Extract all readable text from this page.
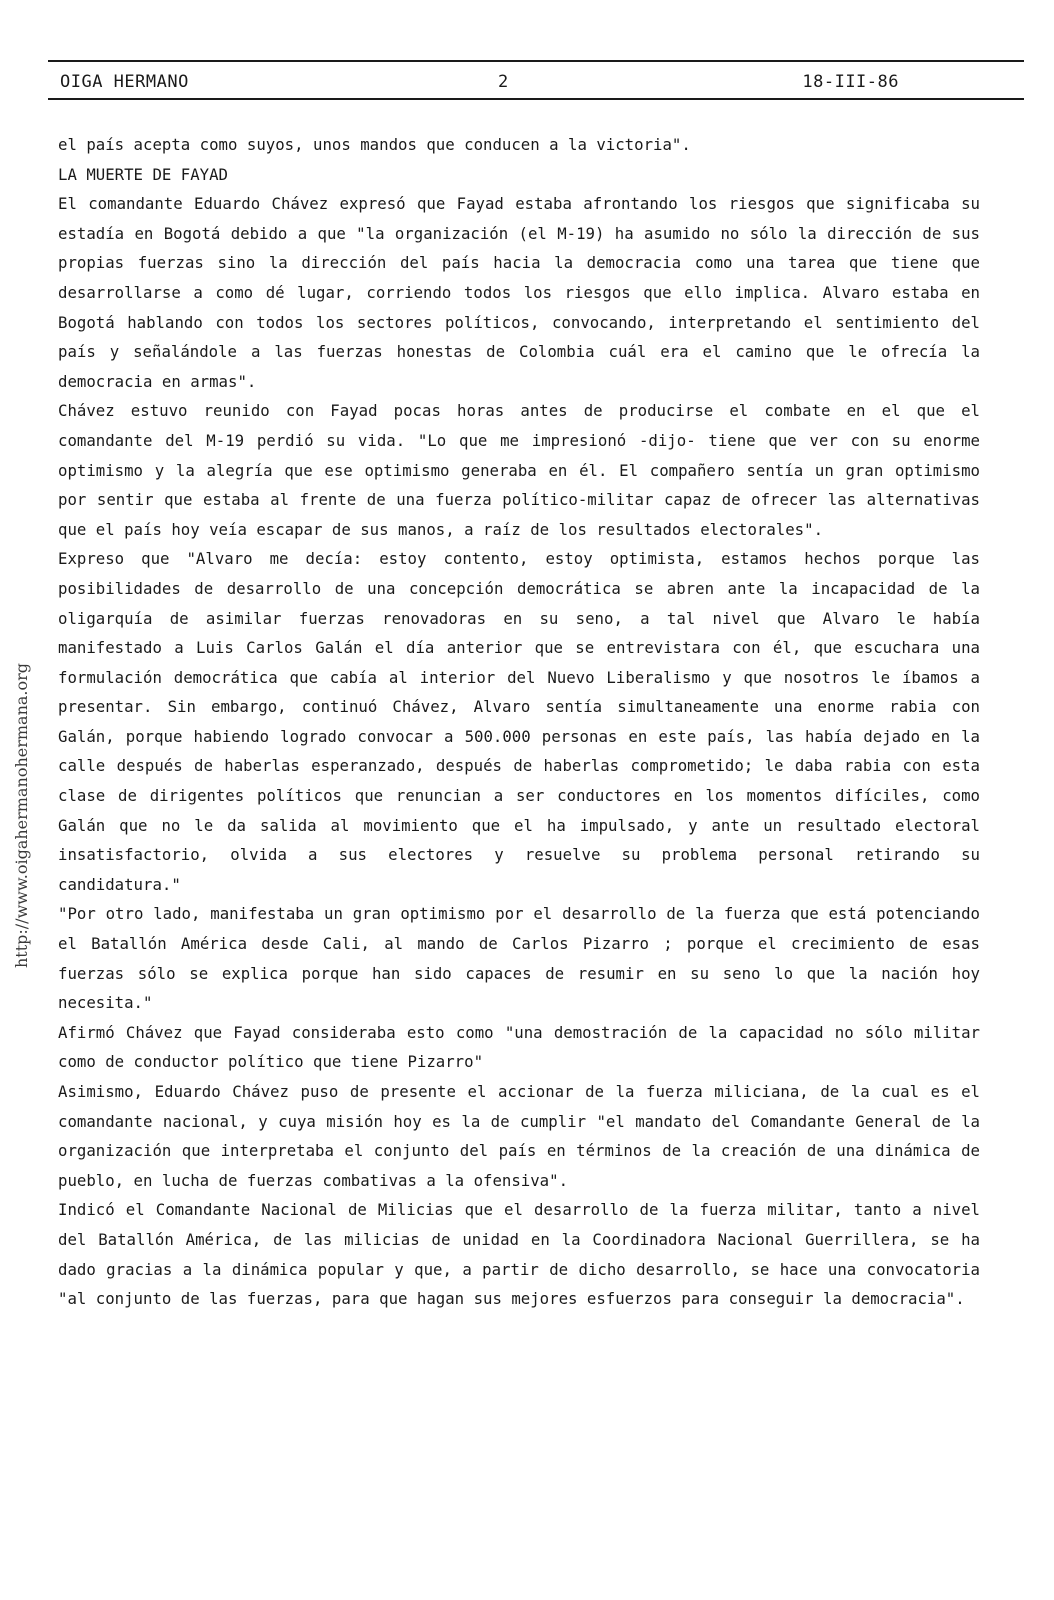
OIGA HERMANO	2	18-III-86
http://www.oigahermanohermana.org

el país acepta como suyos, unos mandos que conducen a la victoria".

LA MUERTE DE FAYAD

El comandante Eduardo Chávez expresó que Fayad estaba afrontando los riesgos que significaba su estadía en Bogotá debido a que "la organización (el M-19) ha asumido no sólo la dirección de sus propias fuerzas sino la dirección del país hacia la democracia como una tarea que tiene que desarrollarse a como dé lugar, corriendo todos los riesgos que ello implica. Alvaro estaba en Bogotá hablando con todos los sectores políticos, convocando, interpretando el sentimiento del país y señalándole a las fuerzas honestas de Colombia cuál era el camino que le ofrecía la democracia en armas".

Chávez estuvo reunido con Fayad pocas horas antes de producirse el combate en el que el comandante del M-19 perdió su vida. "Lo que me impresionó -dijo- tiene que ver con su enorme optimismo y la alegría que ese optimismo generaba en él. El compañero sentía un gran optimismo por sentir que estaba al frente de una fuerza político-militar capaz de ofrecer las alternativas que el país hoy veía escapar de sus manos, a raíz de los resultados electorales".

Expreso que "Alvaro me decía: estoy contento, estoy optimista, estamos hechos porque las posibilidades de desarrollo de una concepción democrática se abren ante la incapacidad de la oligarquía de asimilar fuerzas renovadoras en su seno, a tal nivel que Alvaro le había manifestado a Luis Carlos Galán el día anterior que se entrevistara con él, que escuchara una formulación democrática que cabía al interior del Nuevo Liberalismo y que nosotros le íbamos a presentar. Sin embargo, continuó Chávez, Alvaro sentía simultaneamente una enorme rabia con Galán, porque habiendo logrado convocar a 500.000 personas en este país, las había dejado en la calle después de haberlas esperanzado, después de haberlas comprometido; le daba rabia con esta clase de dirigentes políticos que renuncian a ser conductores en los momentos difíciles, como Galán que no le da salida al movimiento que el ha impulsado, y ante un resultado electoral insatisfactorio, olvida a sus electores y resuelve su problema personal retirando su candidatura."

"Por otro lado, manifestaba un gran optimismo por el desarrollo de la fuerza que está potenciando el Batallón América desde Cali, al mando de Carlos Pizarro ; porque el crecimiento de esas fuerzas sólo se explica porque han sido capaces de resumir en su seno lo que la nación hoy necesita."

Afirmó Chávez que Fayad consideraba esto como "una demostración de la capacidad no sólo militar como de conductor político que tiene Pizarro"

Asimismo, Eduardo Chávez puso de presente el accionar de la fuerza miliciana, de la cual es el comandante nacional, y cuya misión hoy es la de cumplir "el mandato del Comandante General de la organización que interpretaba el conjunto del país en términos de la creación de una dinámica de pueblo, en lucha de fuerzas combativas a la ofensiva".

Indicó el Comandante Nacional de Milicias que el desarrollo de la fuerza militar, tanto a nivel del Batallón América, de las milicias de unidad en la Coordinadora Nacional Guerrillera, se ha dado gracias a la dinámica popular y que, a partir de dicho desarrollo, se hace una convocatoria "al conjunto de las fuerzas, para que hagan sus mejores esfuerzos para conseguir la democracia".
